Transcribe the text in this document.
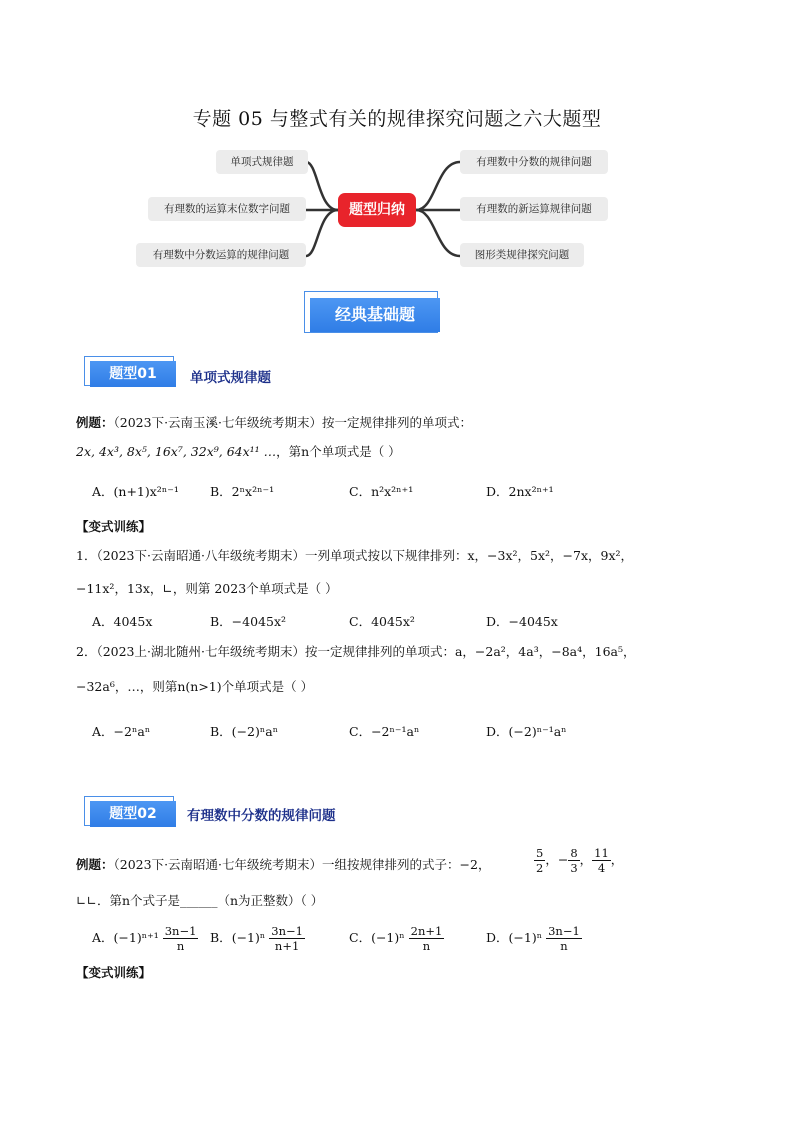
专题 05 与整式有关的规律探究问题之六大题型
单项式规律题
有理数的运算末位数字问题
有理数中分数运算的规律问题
题型归纳
有理数中分数的规律问题
有理数的新运算规律问题
图形类规律探究问题
经典基础题
题型01	单项式规律题
例题：（2023下·云南玉溪·七年级统考期末）按一定规律排列的单项式：
2x, 4x³, 8x⁵, 16x⁷, 32x⁹, 64x¹¹ …，第n个单项式是（ ）
A．(n+1)x²ⁿ⁻¹ B．2ⁿx²ⁿ⁻¹	C．n²x²ⁿ⁺¹	D．2nx²ⁿ⁺¹
【变式训练】
1．（2023下·云南昭通·八年级统考期末）一列单项式按以下规律排列：x，−3x²，5x²，−7x，9x²，
−11x²，13x，∟，则第 2023个单项式是（ ）
A．4045x	B．−4045x²	C．4045x²	D．−4045x
2．（2023上·湖北随州·七年级统考期末）按一定规律排列的单项式：a，−2a²，4a³，−8a⁴，16a⁵，
−32a⁶，…，则第n(n>1)个单项式是（ ）
A．−2ⁿaⁿ	B．(−2)ⁿaⁿ	C．−2ⁿ⁻¹aⁿ	D．(−2)ⁿ⁻¹aⁿ
题型02	有理数中分数的规律问题
例题：（2023下·云南昭通·七年级统考期末）一组按规律排列的式子：−2，	$\frac{5}{2}$ ，− $\frac{8}{3}$ ， $\frac{11}{4}$ ，
∟∟．第n个式子是______（n为正整数）（ ）
A．$(-1)^{n+1} \frac{3n-1}{n}$ B．$(-1)^n \frac{3n-1}{n+1}$	C．$(-1)^n \frac{2n+1}{n}$	D．$(-1)^n \frac{3n-1}{n}$
【变式训练】
